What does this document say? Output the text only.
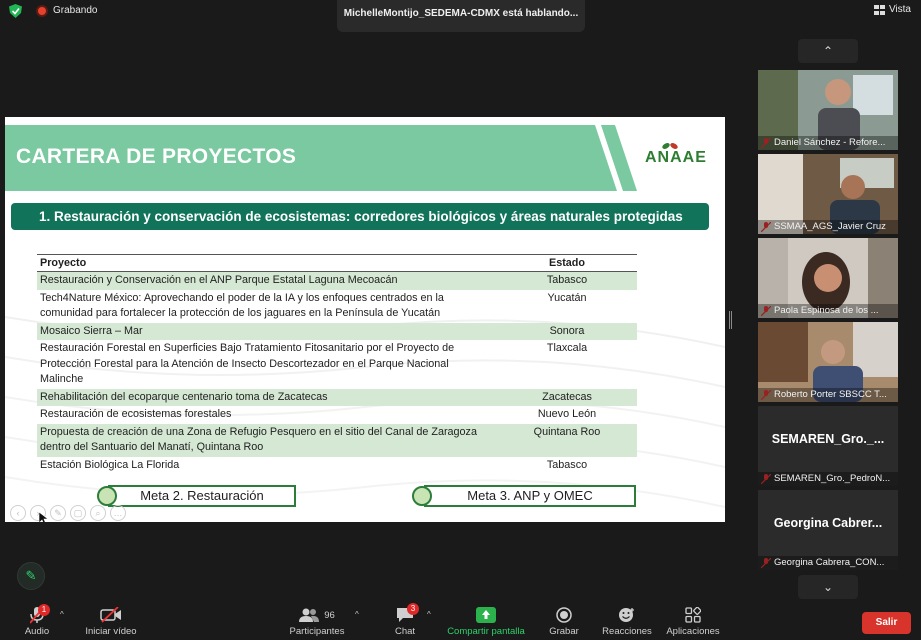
Grabando	MichelleMontijo_SEDEMA-CDMX está hablando...	Vista
CARTERA DE PROYECTOS	ANAAE
1. Restauración y conservación de ecosistemas: corredores biológicos y áreas naturales protegidas
Proyecto	Estado
Restauración y Conservación en el ANP Parque Estatal Laguna Mecoacán	Tabasco
Tech4Nature México: Aprovechando el poder de la IA y los enfoques centrados en la comunidad para fortalecer la protección de los jaguares en la Península de Yucatán	Yucatán
Mosaico Sierra – Mar	Sonora
Restauración Forestal en Superficies Bajo Tratamiento Fitosanitario por el Proyecto de Protección Forestal para la Atención de Insecto Descortezador en el Parque Nacional Malinche	Tlaxcala
Rehabilitación del ecoparque centenario toma de Zacatecas	Zacatecas
Restauración de ecosistemas forestales	Nuevo León
Propuesta de creación de una Zona de Refugio Pesquero en el sitio del Canal de Zaragoza dentro del Santuario del Manatí, Quintana Roo	Quintana Roo
Estación Biológica La Florida	Tabasco
Meta 2. Restauración	Meta 3. ANP y OMEC
‹	›	✎	▢	⌕	…
✎
⌃
Daniel Sánchez - Refore...
SSMAA_AGS_Javier Cruz
Paola Espinosa de los ...
Roberto Porter SBSCC T...
SEMAREN_Gro._...
SEMAREN_Gro._PedroN...
Georgina Cabrer...
Georgina Cabrera_CON...
⌄
Audio
1
^
Iniciar vídeo
96
Participantes
^
Chat
3
^
Compartir pantalla	Grabar	Reacciones Aplicaciones
Salir
